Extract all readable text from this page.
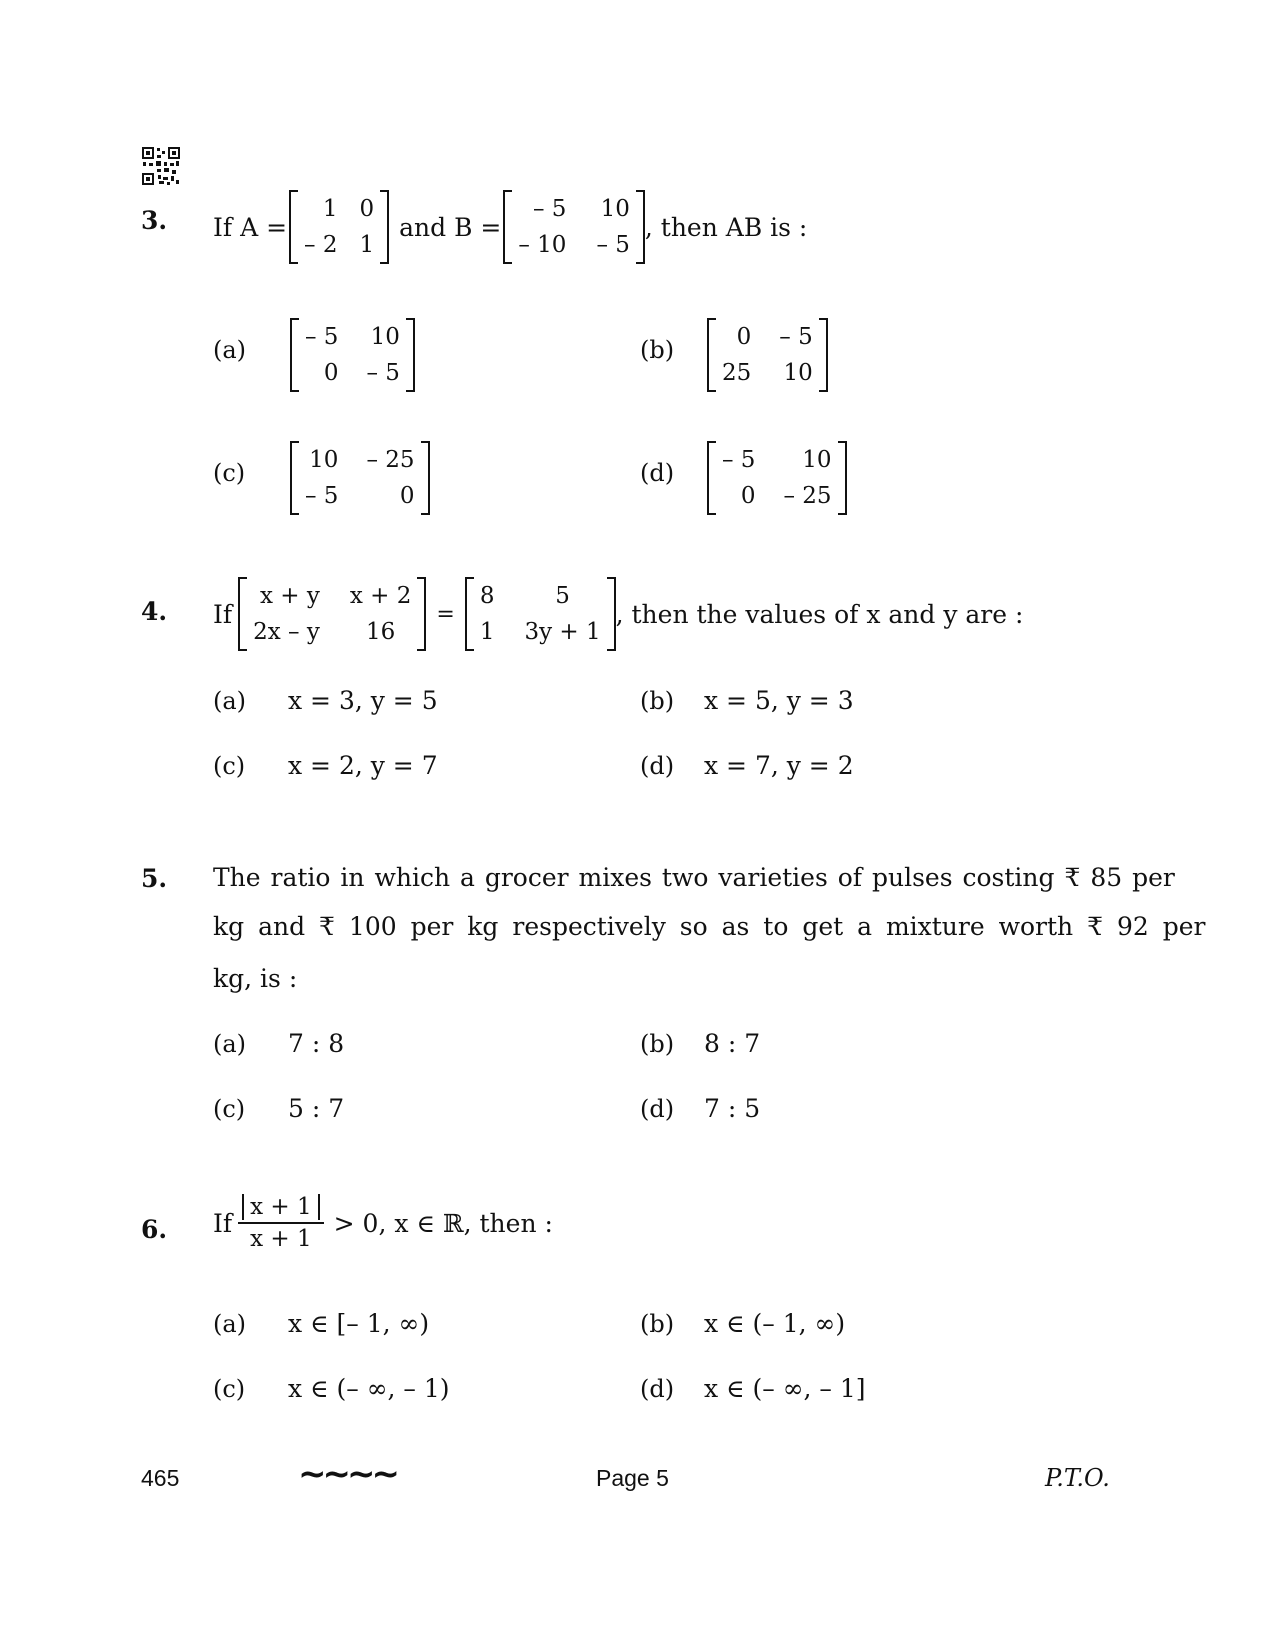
3. If A =
1 0
– 2 1
and B =
– 5 10
– 10 – 5
, then AB is :
(a)	– 5 10
0 – 5
(b)	0 – 5
25 10
(c)	10 – 25
– 5	0
(d) – 5	10
0 – 25
4. If
x + y x + 2
2x – y	16
=
8	5
1 3y + 1
, then the values of x and y are :
(a) x = 3, y = 5	(b) x = 5, y = 3
(c) x = 2, y = 7	(d) x = 7, y = 2
5. The ratio in which a grocer mixes two varieties of pulses costing ₹ 85 per
kg and ₹ 100 per kg respectively so as to get a mixture worth ₹ 92 per
kg, is :
(a) 7 : 8	(b) 8 : 7
(c) 5 : 7	(d) 7 : 5
6. If $\frac{x + 1}{x + 1} > 0$, x ∈ ℝ, then :
(a) x ∈ [– 1, ∞)	(b) x ∈ (– 1, ∞)
(c) x ∈ (– ∞, – 1)	(d) x ∈ (– ∞, – 1]
465	~~~~	Page 5	P.T.O.
